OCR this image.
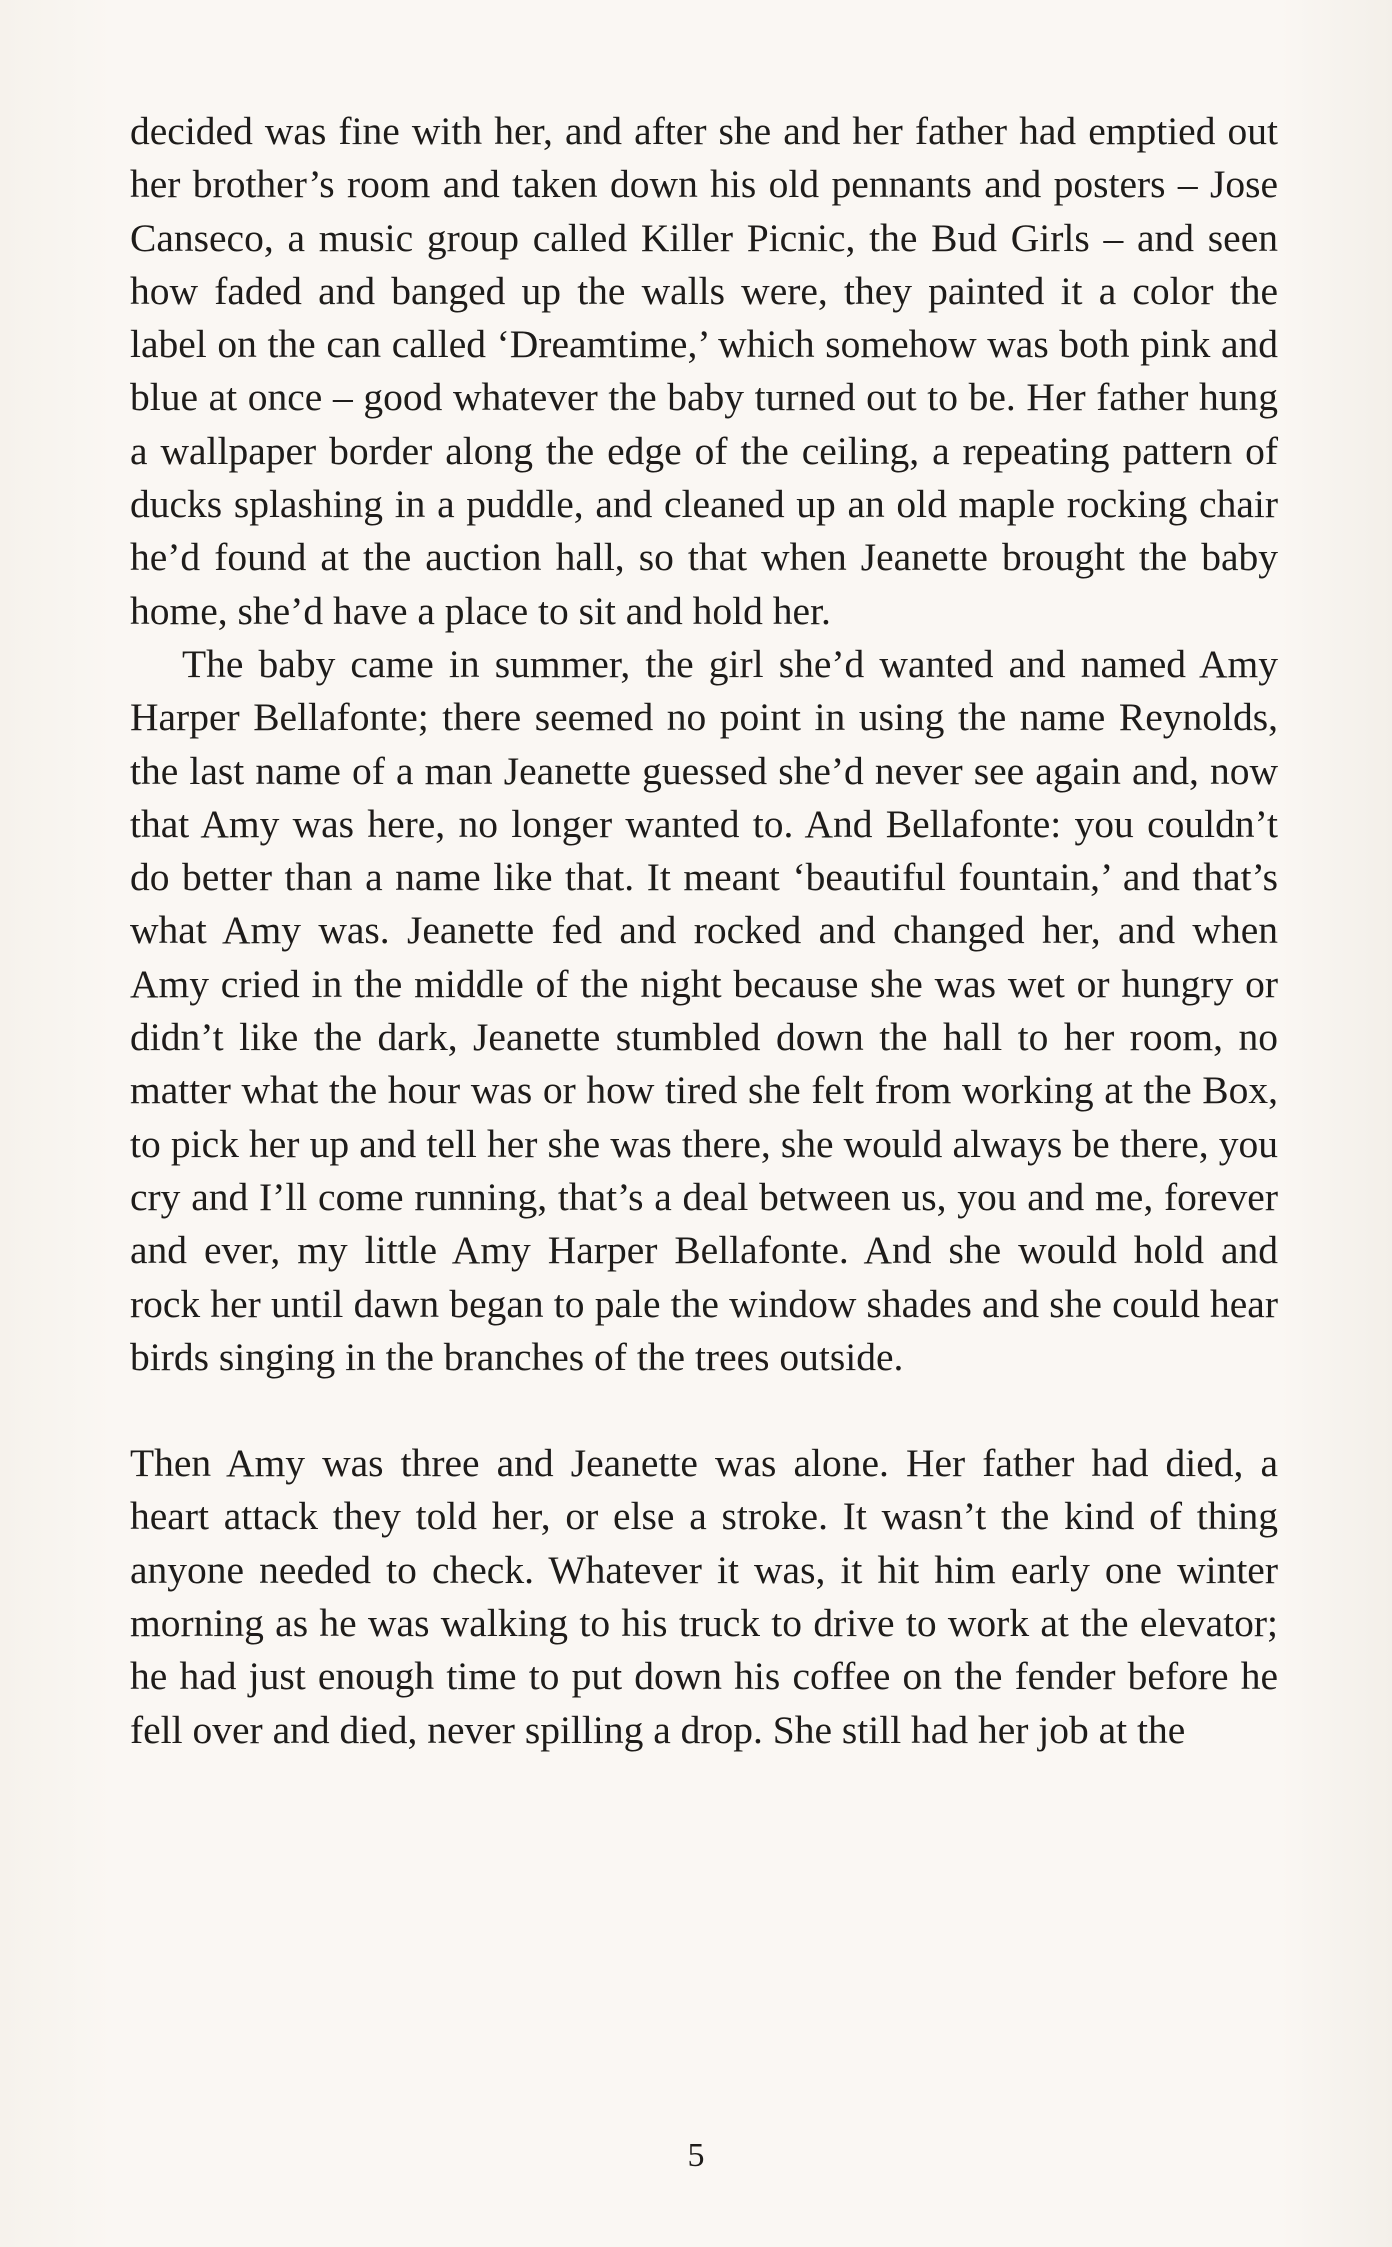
decided was fine with her, and after she and her father had emptied out her brother’s room and taken down his old pennants and posters – Jose Canseco, a music group called Killer Picnic, the Bud Girls – and seen how faded and banged up the walls were, they painted it a color the label on the can called ‘Dreamtime,’ which somehow was both pink and blue at once – good whatever the baby turned out to be. Her father hung a wallpaper border along the edge of the ceiling, a repeating pattern of ducks splashing in a puddle, and cleaned up an old maple rocking chair he’d found at the auction hall, so that when Jeanette brought the baby home, she’d have a place to sit and hold her.

The baby came in summer, the girl she’d wanted and named Amy Harper Bellafonte; there seemed no point in using the name Reynolds, the last name of a man Jeanette guessed she’d never see again and, now that Amy was here, no longer wanted to. And Bellafonte: you couldn’t do better than a name like that. It meant ‘beautiful fountain,’ and that’s what Amy was. Jeanette fed and rocked and changed her, and when Amy cried in the middle of the night because she was wet or hungry or didn’t like the dark, Jeanette stumbled down the hall to her room, no matter what the hour was or how tired she felt from working at the Box, to pick her up and tell her she was there, she would always be there, you cry and I’ll come running, that’s a deal between us, you and me, forever and ever, my little Amy Harper Bellafonte. And she would hold and rock her until dawn began to pale the window shades and she could hear birds singing in the branches of the trees outside.

Then Amy was three and Jeanette was alone. Her father had died, a heart attack they told her, or else a stroke. It wasn’t the kind of thing anyone needed to check. Whatever it was, it hit him early one winter morning as he was walking to his truck to drive to work at the elevator; he had just enough time to put down his coffee on the fender before he fell over and died, never spilling a drop. She still had her job at the

5
